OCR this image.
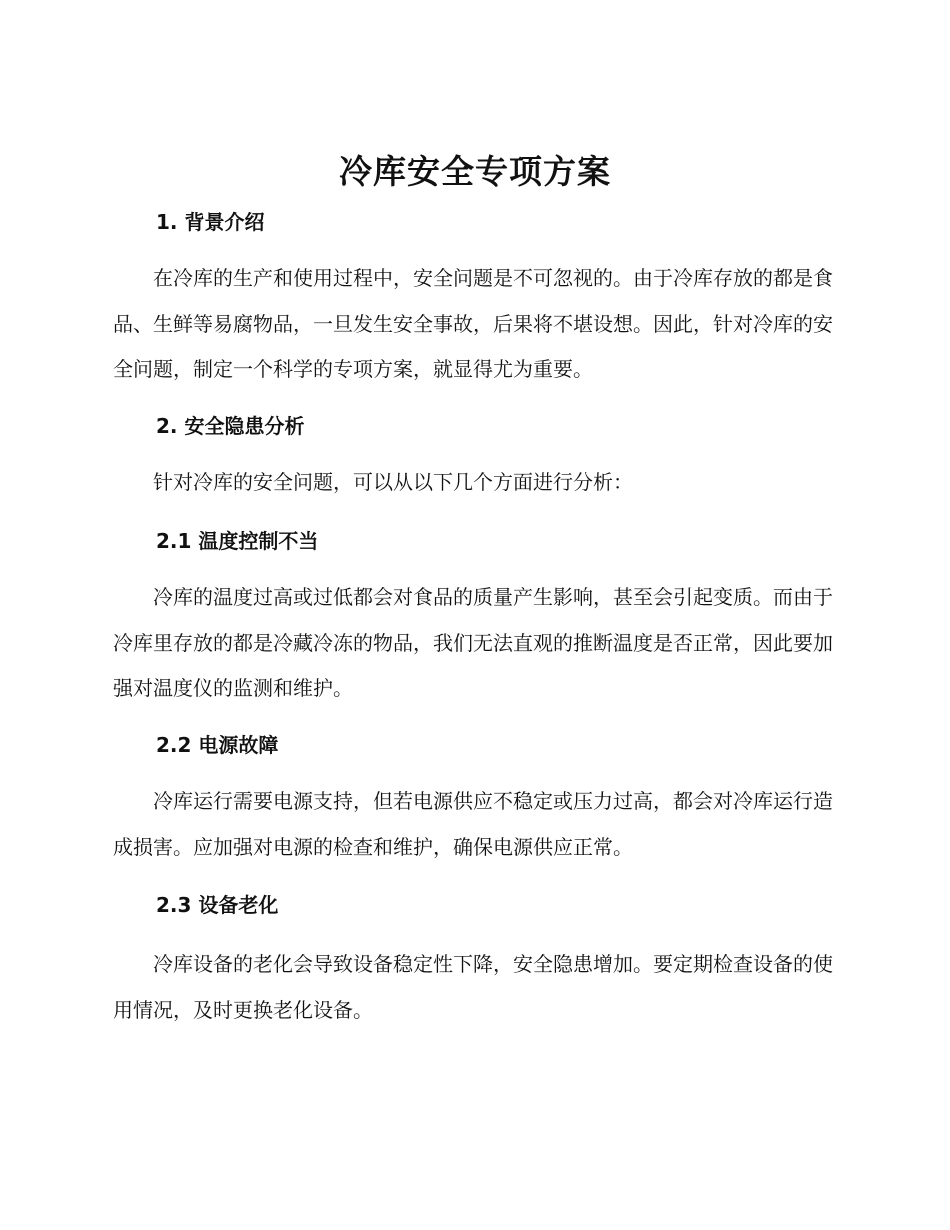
冷库安全专项方案
1. 背景介绍

在冷库的生产和使用过程中，安全问题是不可忽视的。由于冷库存放的都是食品、生鲜等易腐物品，一旦发生安全事故，后果将不堪设想。因此，针对冷库的安全问题，制定一个科学的专项方案，就显得尤为重要。

2. 安全隐患分析

针对冷库的安全问题，可以从以下几个方面进行分析：

2.1 温度控制不当

冷库的温度过高或过低都会对食品的质量产生影响，甚至会引起变质。而由于冷库里存放的都是冷藏冷冻的物品，我们无法直观的推断温度是否正常，因此要加强对温度仪的监测和维护。

2.2 电源故障

冷库运行需要电源支持，但若电源供应不稳定或压力过高，都会对冷库运行造成损害。应加强对电源的检查和维护，确保电源供应正常。

2.3 设备老化

冷库设备的老化会导致设备稳定性下降，安全隐患增加。要定期检查设备的使用情况，及时更换老化设备。
